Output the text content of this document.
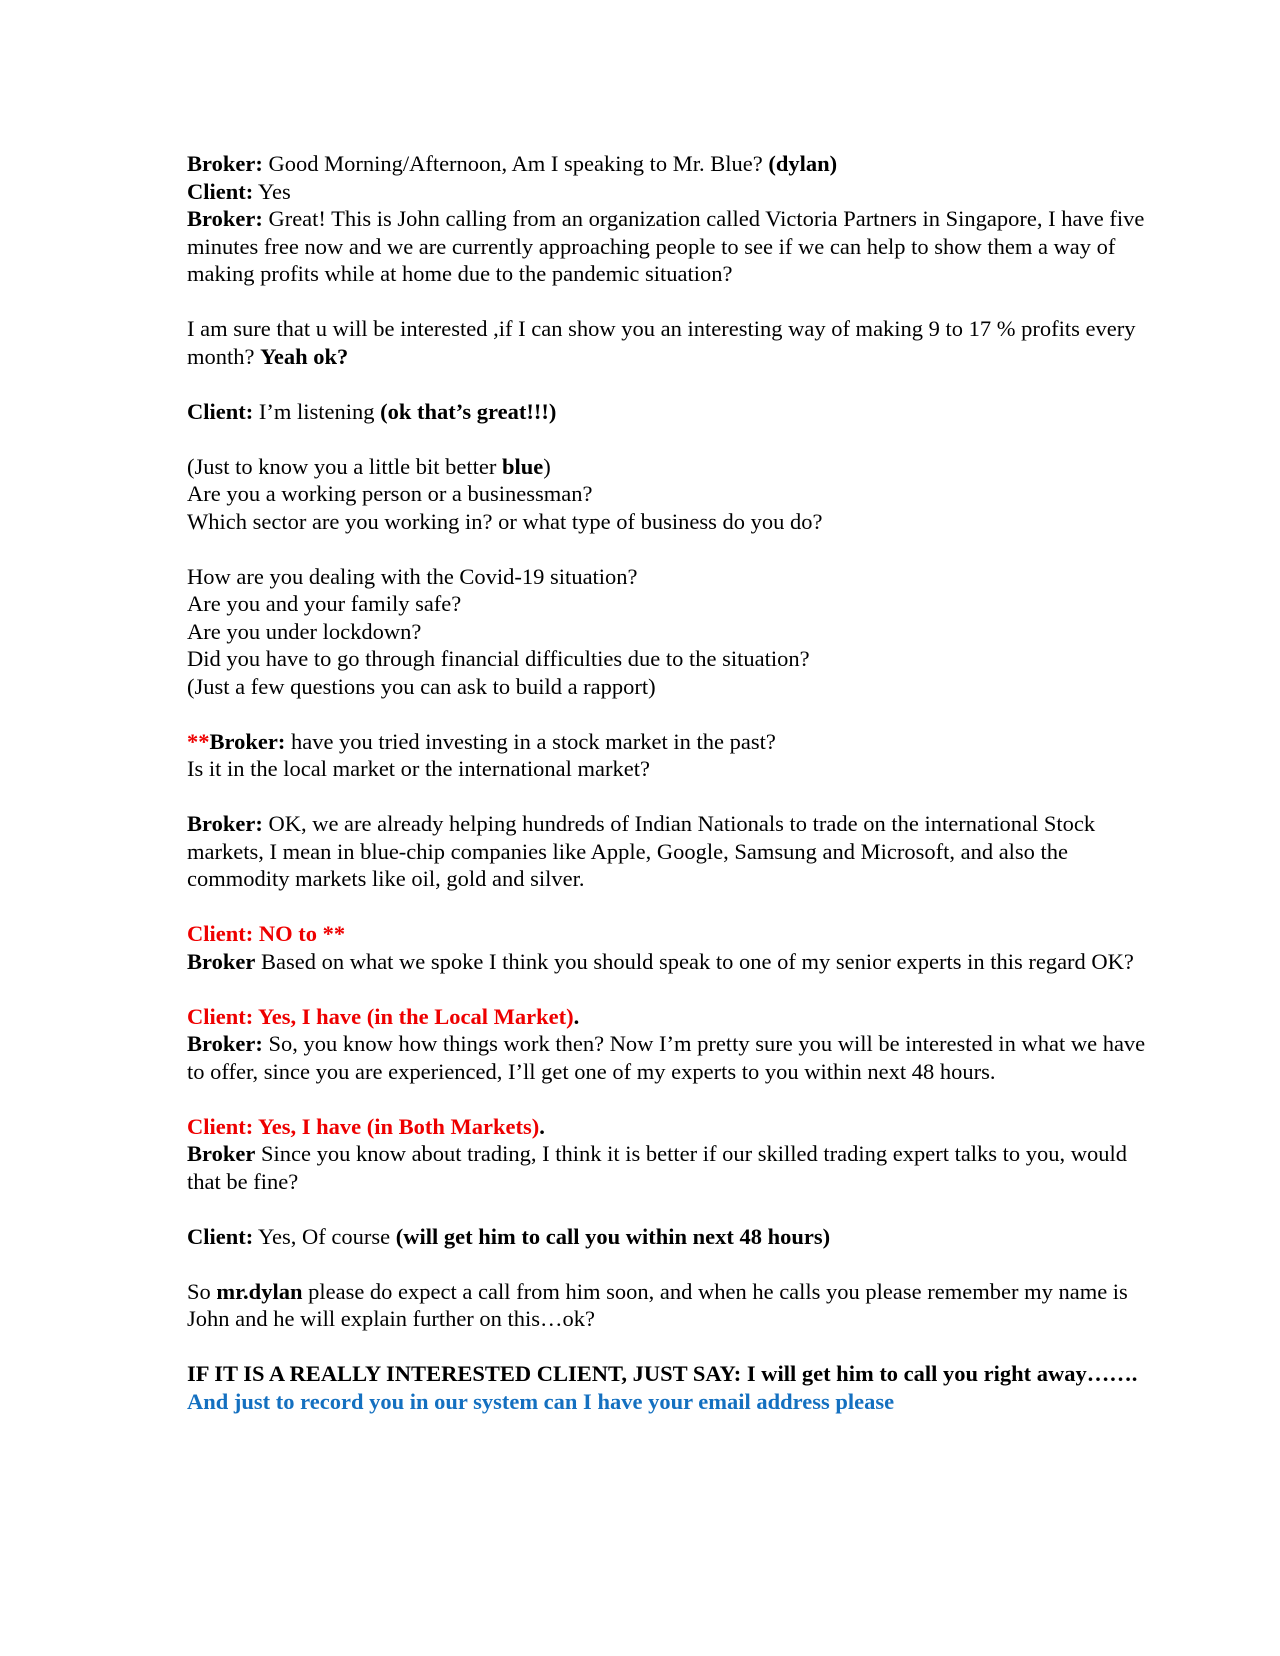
Broker: Good Morning/Afternoon, Am I speaking to Mr. Blue? (dylan)

Client: Yes

Broker: Great! This is John calling from an organization called Victoria Partners in Singapore, I have five minutes free now and we are currently approaching people to see if we can help to show them a way of making profits while at home due to the pandemic situation?

I am sure that u will be interested ,if I can show you an interesting way of making 9 to 17 % profits every month? Yeah ok?

Client: I’m listening (ok that’s great!!!)

(Just to know you a little bit better blue)

Are you a working person or a businessman?

Which sector are you working in? or what type of business do you do?

How are you dealing with the Covid-19 situation?

Are you and your family safe?

Are you under lockdown?

Did you have to go through financial difficulties due to the situation?

(Just a few questions you can ask to build a rapport)

**Broker: have you tried investing in a stock market in the past?

Is it in the local market or the international market?

Broker: OK, we are already helping hundreds of Indian Nationals to trade on the international Stock markets, I mean in blue-chip companies like Apple, Google, Samsung and Microsoft, and also the commodity markets like oil, gold and silver.

Client: NO to **

Broker Based on what we spoke I think you should speak to one of my senior experts in this regard OK?

Client: Yes, I have (in the Local Market).

Broker: So, you know how things work then? Now I’m pretty sure you will be interested in what we have to offer, since you are experienced, I’ll get one of my experts to you within next 48 hours.

Client: Yes, I have (in Both Markets).

Broker Since you know about trading, I think it is better if our skilled trading expert talks to you, would that be fine?

Client: Yes, Of course (will get him to call you within next 48 hours)

So mr.dylan please do expect a call from him soon, and when he calls you please remember my name is John and he will explain further on this…ok?

IF IT IS A REALLY INTERESTED CLIENT, JUST SAY: I will get him to call you right away…….

And just to record you in our system can I have your email address please
